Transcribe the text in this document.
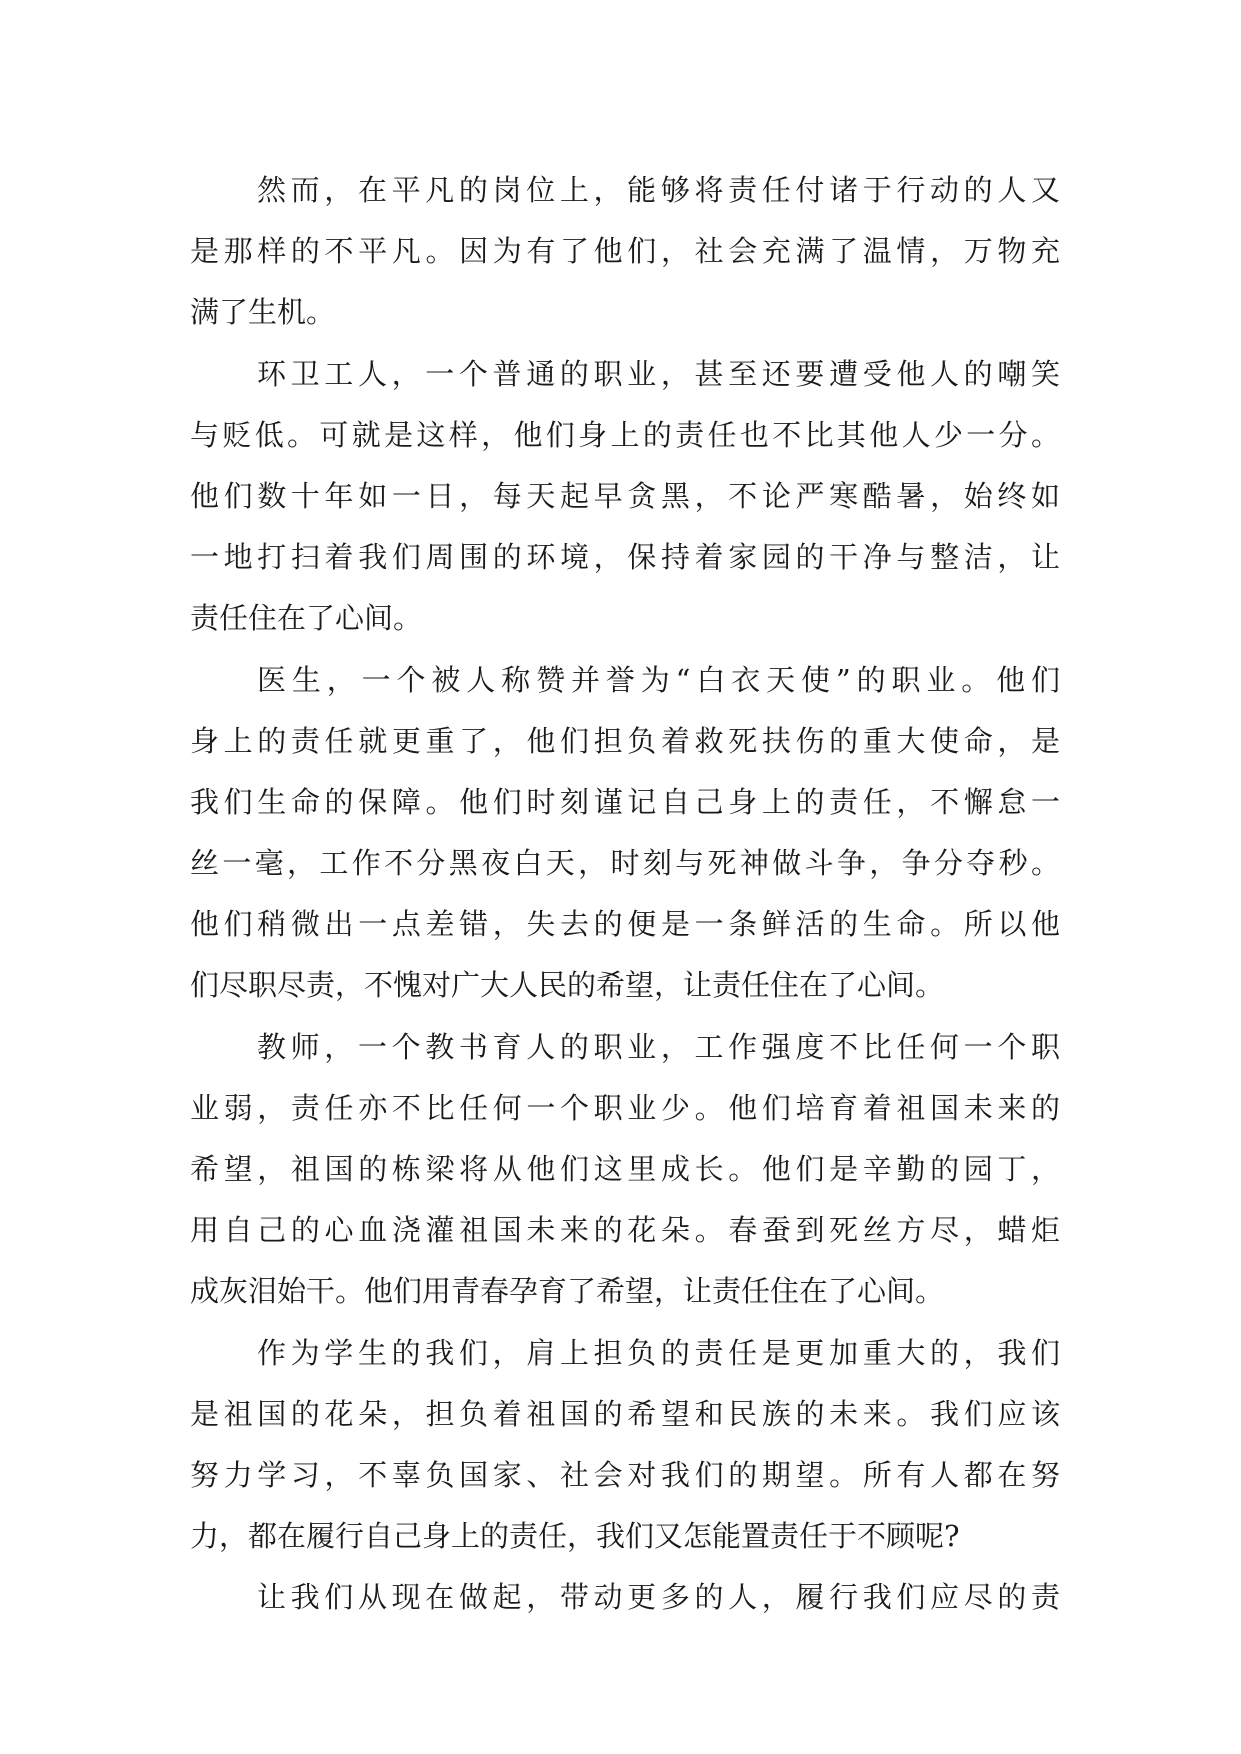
然而，在平凡的岗位上，能够将责任付诸于行动的人又
是那样的不平凡。因为有了他们，社会充满了温情，万物充
满了生机。
环卫工人，一个普通的职业，甚至还要遭受他人的嘲笑
与贬低。可就是这样，他们身上的责任也不比其他人少一分。
他们数十年如一日，每天起早贪黑，不论严寒酷暑，始终如
一地打扫着我们周围的环境，保持着家园的干净与整洁，让
责任住在了心间。
医生，一个被人称赞并誉为“白衣天使”的职业。他们
身上的责任就更重了，他们担负着救死扶伤的重大使命，是
我们生命的保障。他们时刻谨记自己身上的责任，不懈怠一
丝一毫，工作不分黑夜白天，时刻与死神做斗争，争分夺秒。
他们稍微出一点差错，失去的便是一条鲜活的生命。所以他
们尽职尽责，不愧对广大人民的希望，让责任住在了心间。
教师，一个教书育人的职业，工作强度不比任何一个职
业弱，责任亦不比任何一个职业少。他们培育着祖国未来的
希望，祖国的栋梁将从他们这里成长。他们是辛勤的园丁，
用自己的心血浇灌祖国未来的花朵。春蚕到死丝方尽，蜡炬
成灰泪始干。他们用青春孕育了希望，让责任住在了心间。
作为学生的我们，肩上担负的责任是更加重大的，我们
是祖国的花朵，担负着祖国的希望和民族的未来。我们应该
努力学习，不辜负国家、社会对我们的期望。所有人都在努
力，都在履行自己身上的责任，我们又怎能置责任于不顾呢?
让我们从现在做起，带动更多的人，履行我们应尽的责
